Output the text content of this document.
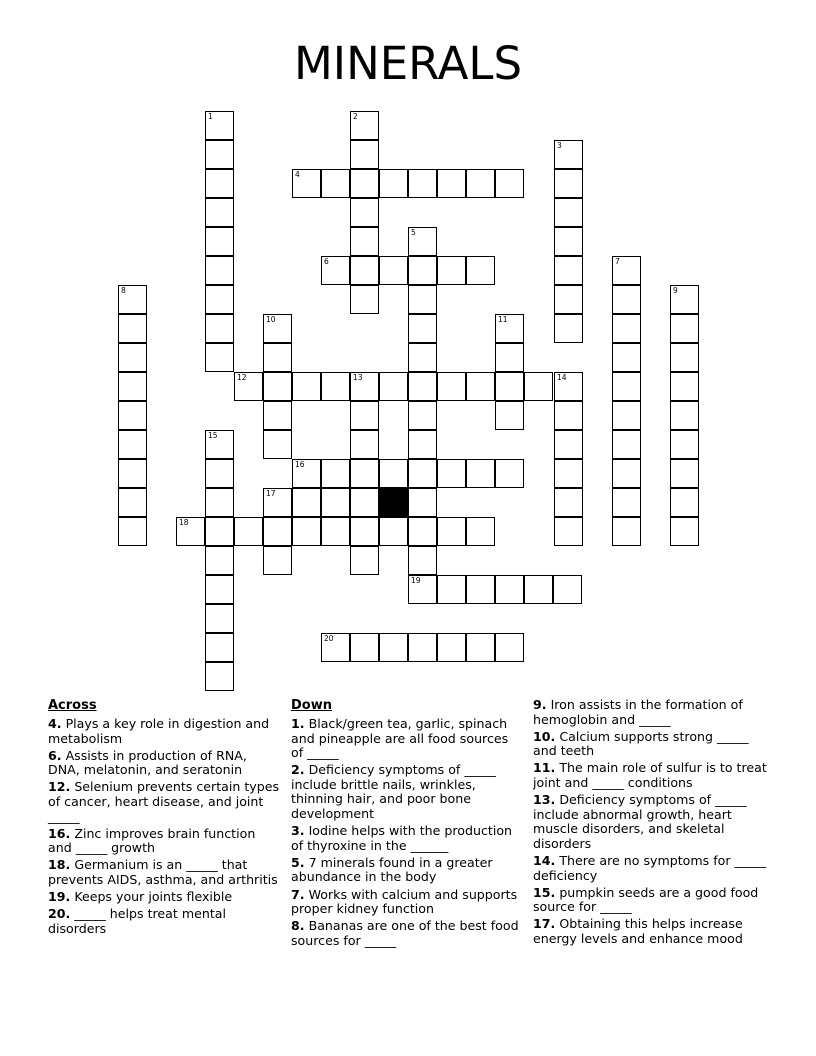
MINERALS
1	2
3
4
5
6	7
8	9
10	11
12	13	14
15
16
17
18
19
20
Across
4. Plays a key role in digestion and metabolism
6. Assists in production of RNA, DNA, melatonin, and seratonin
12. Selenium prevents certain types of cancer, heart disease, and joint _____
16. Zinc improves brain function and _____ growth
18. Germanium is an _____ that prevents AIDS, asthma, and arthritis
19. Keeps your joints flexible
20. _____ helps treat mental disorders
Down
1. Black/green tea, garlic, spinach and pineapple are all food sources of _____
2. Deficiency symptoms of _____ include brittle nails, wrinkles, thinning hair, and poor bone development
3. Iodine helps with the production of thyroxine in the ______
5. 7 minerals found in a greater abundance in the body
7. Works with calcium and supports proper kidney function
8. Bananas are one of the best food sources for _____
9. Iron assists in the formation of hemoglobin and _____
10. Calcium supports strong _____ and teeth
11. The main role of sulfur is to treat joint and _____ conditions
13. Deficiency symptoms of _____ include abnormal growth, heart muscle disorders, and skeletal disorders
14. There are no symptoms for _____ deficiency
15. pumpkin seeds are a good food source for _____
17. Obtaining this helps increase energy levels and enhance mood
